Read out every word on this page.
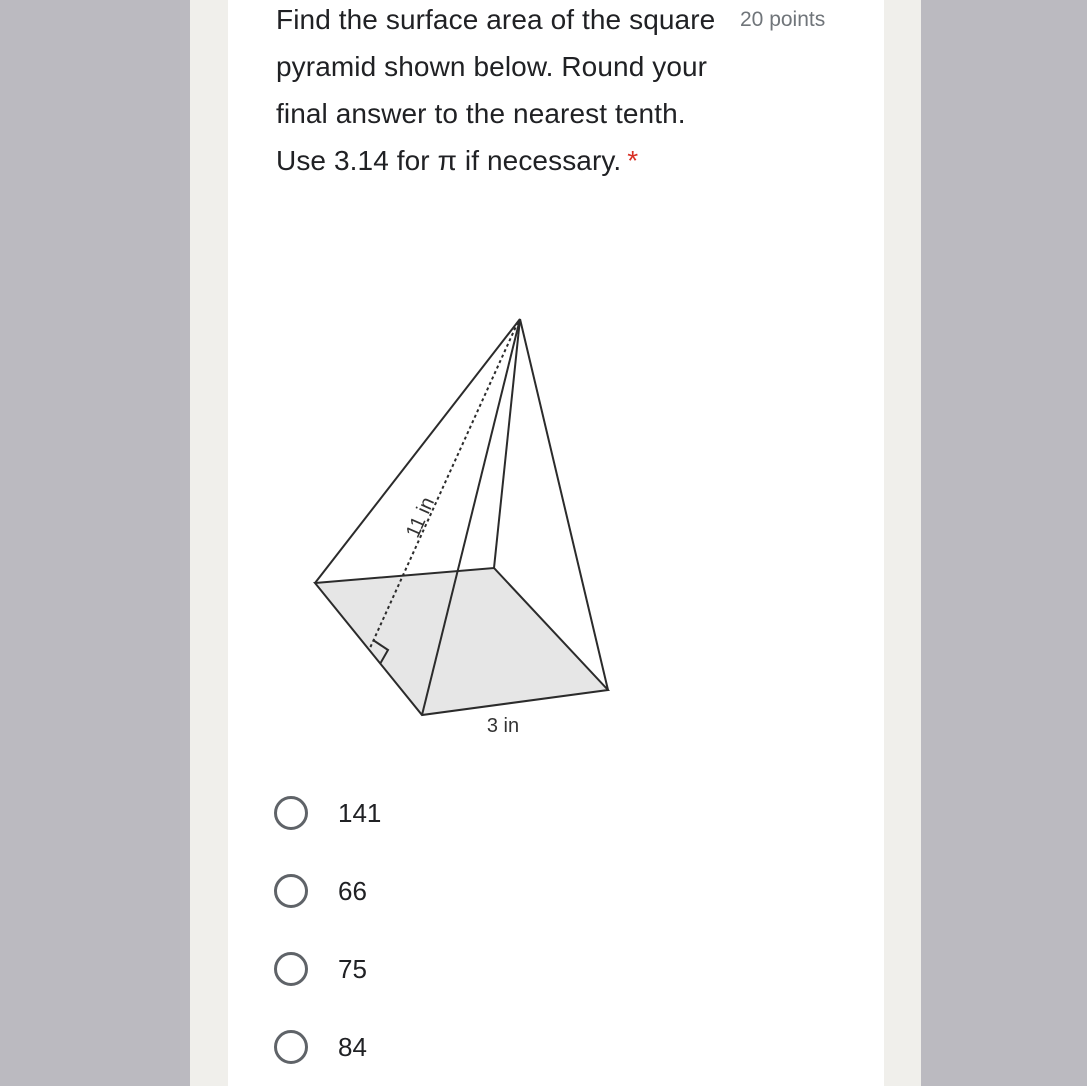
Find the surface area of the square pyramid shown below. Round your final answer to the nearest tenth. Use 3.14 for π if necessary. *
20 points
11 in
3 in
141
66
75
84
